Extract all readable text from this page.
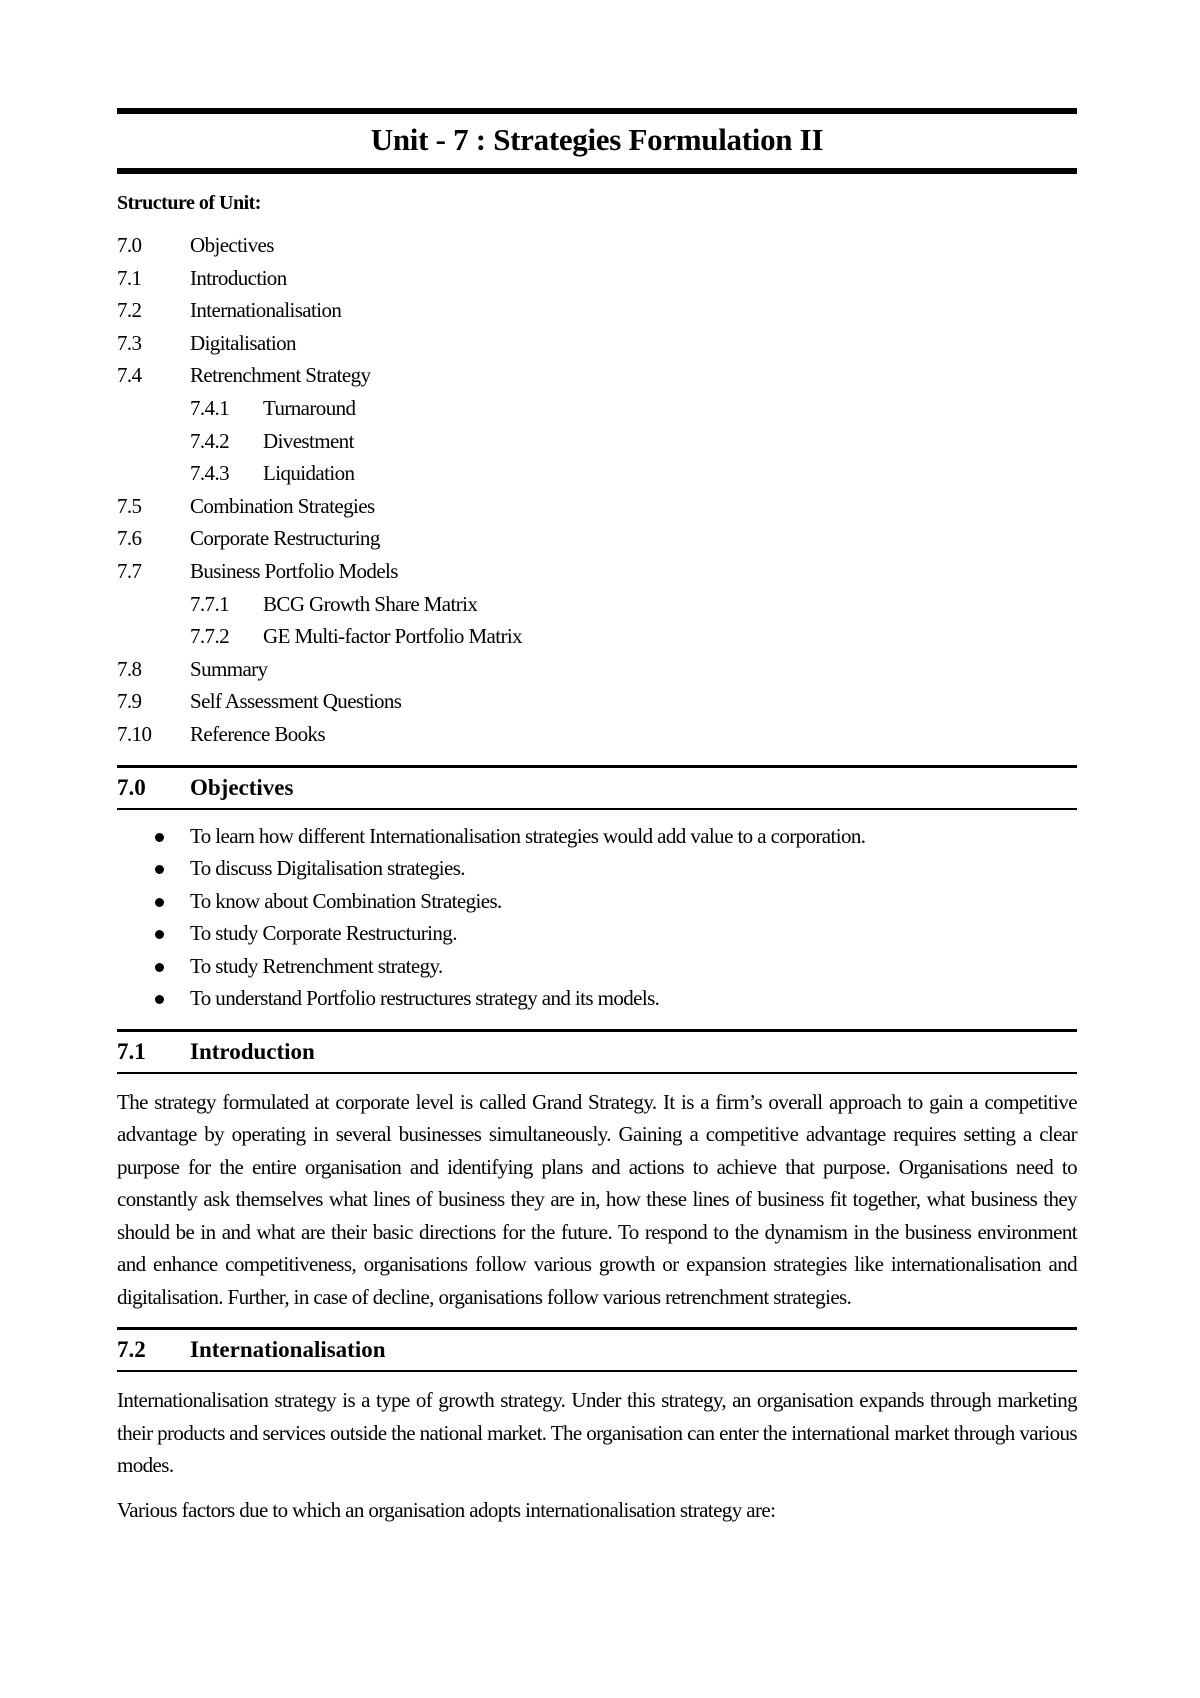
Unit - 7 : Strategies Formulation II
Structure of Unit:
7.0	Objectives
7.1	Introduction
7.2	Internationalisation
7.3	Digitalisation
7.4	Retrenchment Strategy
7.4.1	Turnaround
7.4.2	Divestment
7.4.3	Liquidation
7.5	Combination Strategies
7.6	Corporate Restructuring
7.7	Business Portfolio Models
7.7.1	BCG Growth Share Matrix
7.7.2	GE Multi-factor Portfolio Matrix
7.8	Summary
7.9	Self Assessment Questions
7.10	Reference Books
7.0	Objectives
To learn how different Internationalisation strategies would add value to a corporation.
To discuss Digitalisation strategies.
To know about Combination Strategies.
To study Corporate Restructuring.
To study Retrenchment strategy.
To understand Portfolio restructures strategy and its models.
7.1	Introduction

The strategy formulated at corporate level is called Grand Strategy. It is a firm’s overall approach to gain a competitive advantage by operating in several businesses simultaneously. Gaining a competitive advantage requires setting a clear purpose for the entire organisation and identifying plans and actions to achieve that purpose. Organisations need to constantly ask themselves what lines of business they are in, how these lines of business fit together, what business they should be in and what are their basic directions for the future. To respond to the dynamism in the business environment and enhance competitiveness, organisations follow various growth or expansion strategies like internationalisation and digitalisation. Further, in case of decline, organisations follow various retrenchment strategies.

7.2	Internationalisation

Internationalisation strategy is a type of growth strategy. Under this strategy, an organisation expands through marketing their products and services outside the national market. The organisation can enter the international market through various modes.

Various factors due to which an organisation adopts internationalisation strategy are:
